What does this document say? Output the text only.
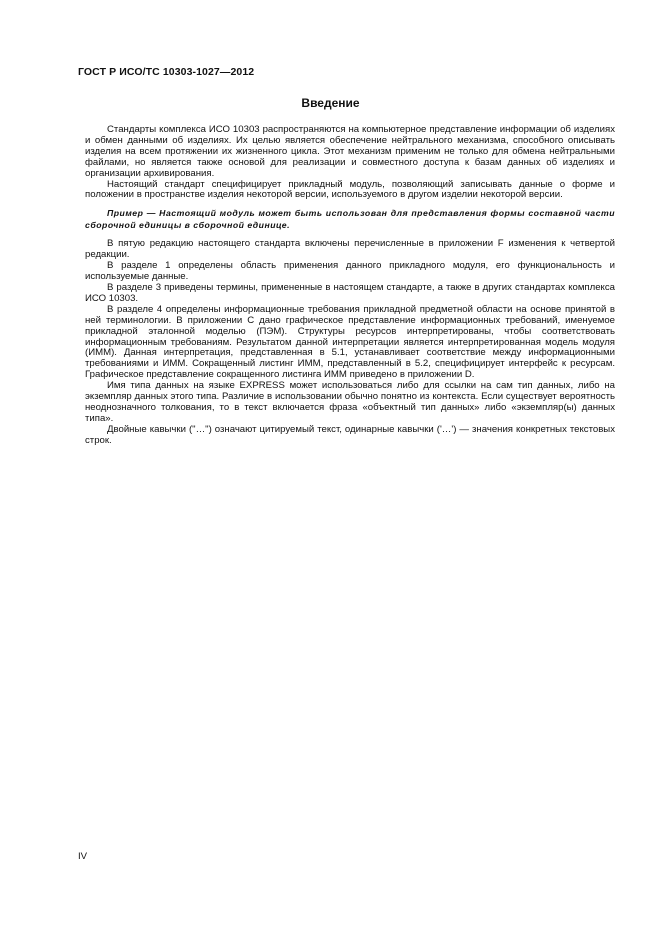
ГОСТ Р ИСО/ТС 10303-1027—2012
Введение

Стандарты комплекса ИСО 10303 распространяются на компьютерное представление информации об изделиях и обмен данными об изделиях. Их целью является обеспечение нейтрального механизма, способного описывать изделия на всем протяжении их жизненного цикла. Этот механизм применим не только для обмена нейтральными файлами, но является также основой для реализации и совместного доступа к базам данных об изделиях и организации архивирования.

Настоящий стандарт специфицирует прикладный модуль, позволяющий записывать данные о форме и положении в пространстве изделия некоторой версии, используемого в другом изделии некоторой версии.

Пример — Настоящий модуль может быть использован для представления формы составной части сборочной единицы в сборочной единице.

В пятую редакцию настоящего стандарта включены перечисленные в приложении F изменения к четвертой редакции.

В разделе 1 определены область применения данного прикладного модуля, его функциональность и используемые данные.

В разделе 3 приведены термины, примененные в настоящем стандарте, а также в других стандартах комплекса ИСО 10303.

В разделе 4 определены информационные требования прикладной предметной области на основе принятой в ней терминологии. В приложении C дано графическое представление информационных требований, именуемое прикладной эталонной моделью (ПЭМ). Структуры ресурсов интерпретированы, чтобы соответствовать информационным требованиям. Результатом данной интерпретации является интерпретированная модель модуля (ИММ). Данная интерпретация, представленная в 5.1, устанавливает соответствие между информационными требованиями и ИММ. Сокращенный листинг ИММ, представленный в 5.2, специфицирует интерфейс к ресурсам. Графическое представление сокращенного листинга ИММ приведено в приложении D.

Имя типа данных на языке EXPRESS может использоваться либо для ссылки на сам тип данных, либо на экземпляр данных этого типа. Различие в использовании обычно понятно из контекста. Если существует вероятность неоднозначного толкования, то в текст включается фраза «объектный тип данных» либо «экземпляр(ы) данных типа».

Двойные кавычки ("…") означают цитируемый текст, одинарные кавычки ('…') — значения конкретных текстовых строк.

IV
